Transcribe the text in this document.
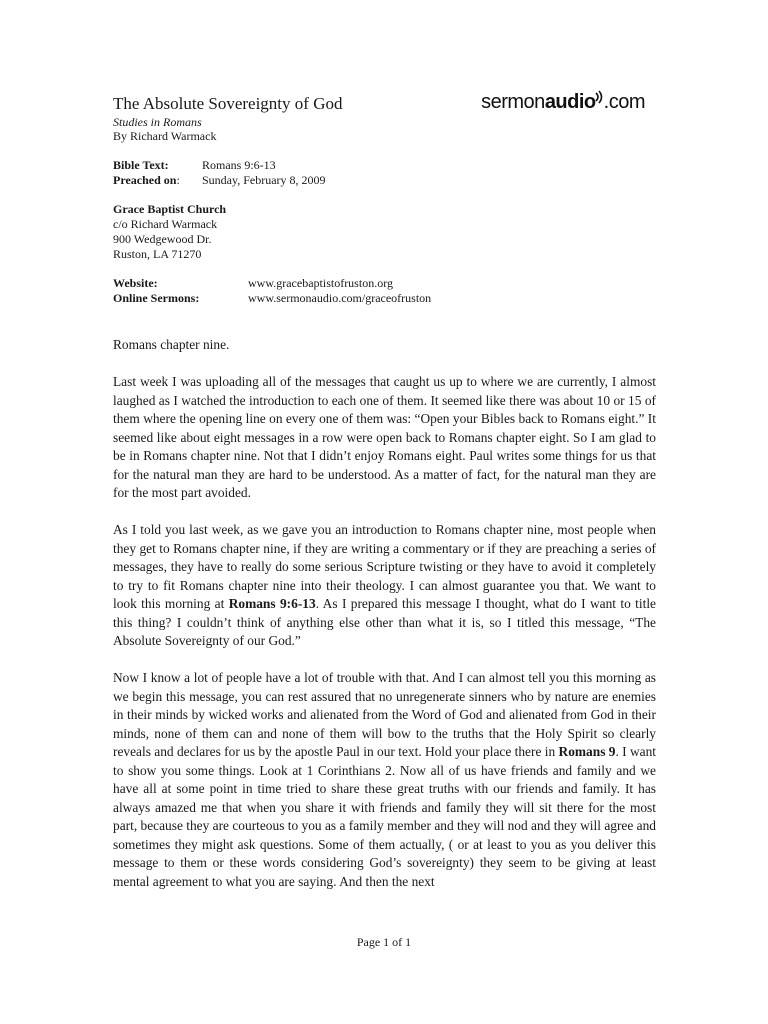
The Absolute Sovereignty of God	sermonaudio .com
Studies in Romans
By Richard Warmack
Bible Text:	Romans 9:6-13
Preached on:	Sunday, February 8, 2009
Grace Baptist Church
c/o Richard Warmack
900 Wedgewood Dr.
Ruston, LA 71270
Website:	www.gracebaptistofruston.org
Online Sermons:	www.sermonaudio.com/graceofruston

Romans chapter nine.

Last week I was uploading all of the messages that caught us up to where we are currently, I almost laughed as I watched the introduction to each one of them. It seemed like there was about 10 or 15 of them where the opening line on every one of them was: “Open your Bibles back to Romans eight.” It seemed like about eight messages in a row were open back to Romans chapter eight. So I am glad to be in Romans chapter nine. Not that I didn’t enjoy Romans eight. Paul writes some things for us that for the natural man they are hard to be understood. As a matter of fact, for the natural man they are for the most part avoided.

As I told you last week, as we gave you an introduction to Romans chapter nine, most people when they get to Romans chapter nine, if they are writing a commentary or if they are preaching a series of messages, they have to really do some serious Scripture twisting or they have to avoid it completely to try to fit Romans chapter nine into their theology. I can almost guarantee you that. We want to look this morning at Romans 9:6-13. As I prepared this message I thought, what do I want to title this thing? I couldn’t think of anything else other than what it is, so I titled this message, “The Absolute Sovereignty of our God.”

Now I know a lot of people have a lot of trouble with that. And I can almost tell you this morning as we begin this message, you can rest assured that no unregenerate sinners who by nature are enemies in their minds by wicked works and alienated from the Word of God and alienated from God in their minds, none of them can and none of them will bow to the truths that the Holy Spirit so clearly reveals and declares for us by the apostle Paul in our text. Hold your place there in Romans 9. I want to show you some things. Look at 1 Corinthians 2. Now all of us have friends and family and we have all at some point in time tried to share these great truths with our friends and family. It has always amazed me that when you share it with friends and family they will sit there for the most part, because they are courteous to you as a family member and they will nod and they will agree and sometimes they might ask questions. Some of them actually, ( or at least to you as you deliver this message to them or these words considering God’s sovereignty) they seem to be giving at least mental agreement to what you are saying. And then the next

Page 1 of 1
